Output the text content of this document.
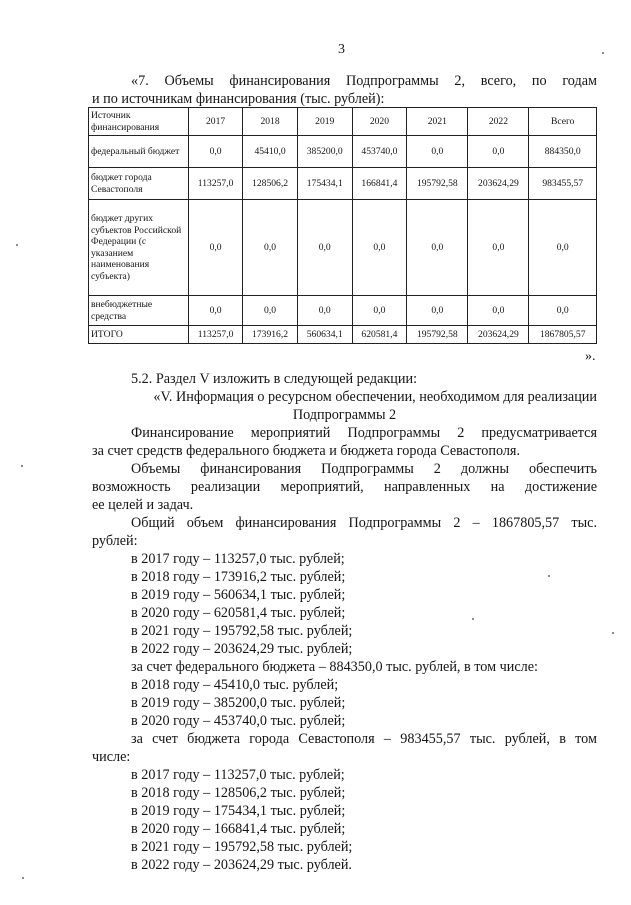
3

«7. Объемы финансирования Подпрограммы 2, всего, по годам

и по источникам финансирования (тыс. рублей):

Источник финансирования	2017	2018	2019	2020	2021	2022	Всего
федеральный бюджет	0,0	45410,0	385200,0	453740,0	0,0	0,0	884350,0
бюджет города Севастополя	113257,0	128506,2	175434,1	166841,4	195792,58	203624,29	983455,57
бюджет других субъектов Российской Федерации (с указанием наименования субъекта)	0,0	0,0	0,0	0,0	0,0	0,0	0,0
внебюджетные средства	0,0	0,0	0,0	0,0	0,0	0,0	0,0
ИТОГО	113257,0	173916,2	560634,1	620581,4	195792,58	203624,29	1867805,57
».

5.2. Раздел V изложить в следующей редакции:

«V. Информация о ресурсном обеспечении, необходимом для реализации

Подпрограммы 2

Финансирование мероприятий Подпрограммы 2 предусматривается

за счет средств федерального бюджета и бюджета города Севастополя.

Объемы финансирования Подпрограммы 2 должны обеспечить

возможность реализации мероприятий, направленных на достижение

ее целей и задач.

Общий объем финансирования Подпрограммы 2 – 1867805,57 тыс.

рублей:

в 2017 году – 113257,0 тыс. рублей;

в 2018 году – 173916,2 тыс. рублей;

в 2019 году – 560634,1 тыс. рублей;

в 2020 году – 620581,4 тыс. рублей;

в 2021 году – 195792,58 тыс. рублей;

в 2022 году – 203624,29 тыс. рублей;

за счет федерального бюджета – 884350,0 тыс. рублей, в том числе:

в 2018 году – 45410,0 тыс. рублей;

в 2019 году – 385200,0 тыс. рублей;

в 2020 году – 453740,0 тыс. рублей;

за счет бюджета города Севастополя – 983455,57 тыс. рублей, в том

числе:

в 2017 году – 113257,0 тыс. рублей;

в 2018 году – 128506,2 тыс. рублей;

в 2019 году – 175434,1 тыс. рублей;

в 2020 году – 166841,4 тыс. рублей;

в 2021 году – 195792,58 тыс. рублей;

в 2022 году – 203624,29 тыс. рублей.
